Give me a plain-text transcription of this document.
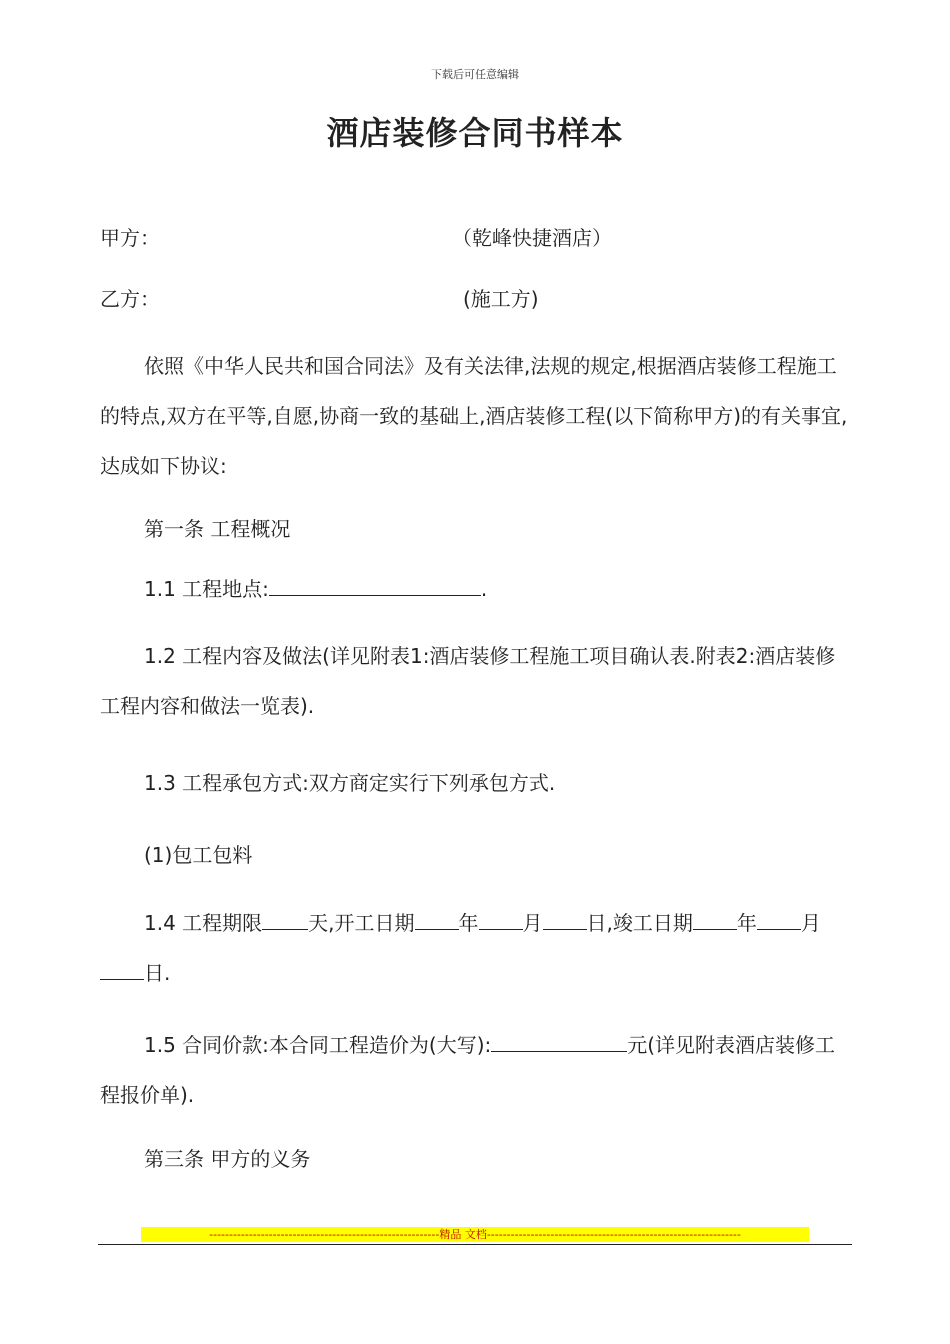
下载后可任意编辑
酒店装修合同书样本
甲方：	（乾峰快捷酒店）
乙方：	(施工方)
依照《中华人民共和国合同法》及有关法律,法规的规定,根据酒店装修工程施工的特点,双方在平等,自愿,协商一致的基础上,酒店装修工程(以下简称甲方)的有关事宜,达成如下协议:
第一条 工程概况
1.1 工程地点:	.
1.2 工程内容及做法(详见附表1:酒店装修工程施工项目确认表.附表2:酒店装修工程内容和做法一览表).
1.3 工程承包方式:双方商定实行下列承包方式.
(1)包工包料
1.4 工程期限 天,开工日期 年 月 日,竣工日期 年 月日.
1.5 合同价款:本合同工程造价为(大写):	元(详见附表酒店装修工程报价单).
第三条 甲方的义务
----------------------------------------------------------精品 文档----------------------------------------------------------------
